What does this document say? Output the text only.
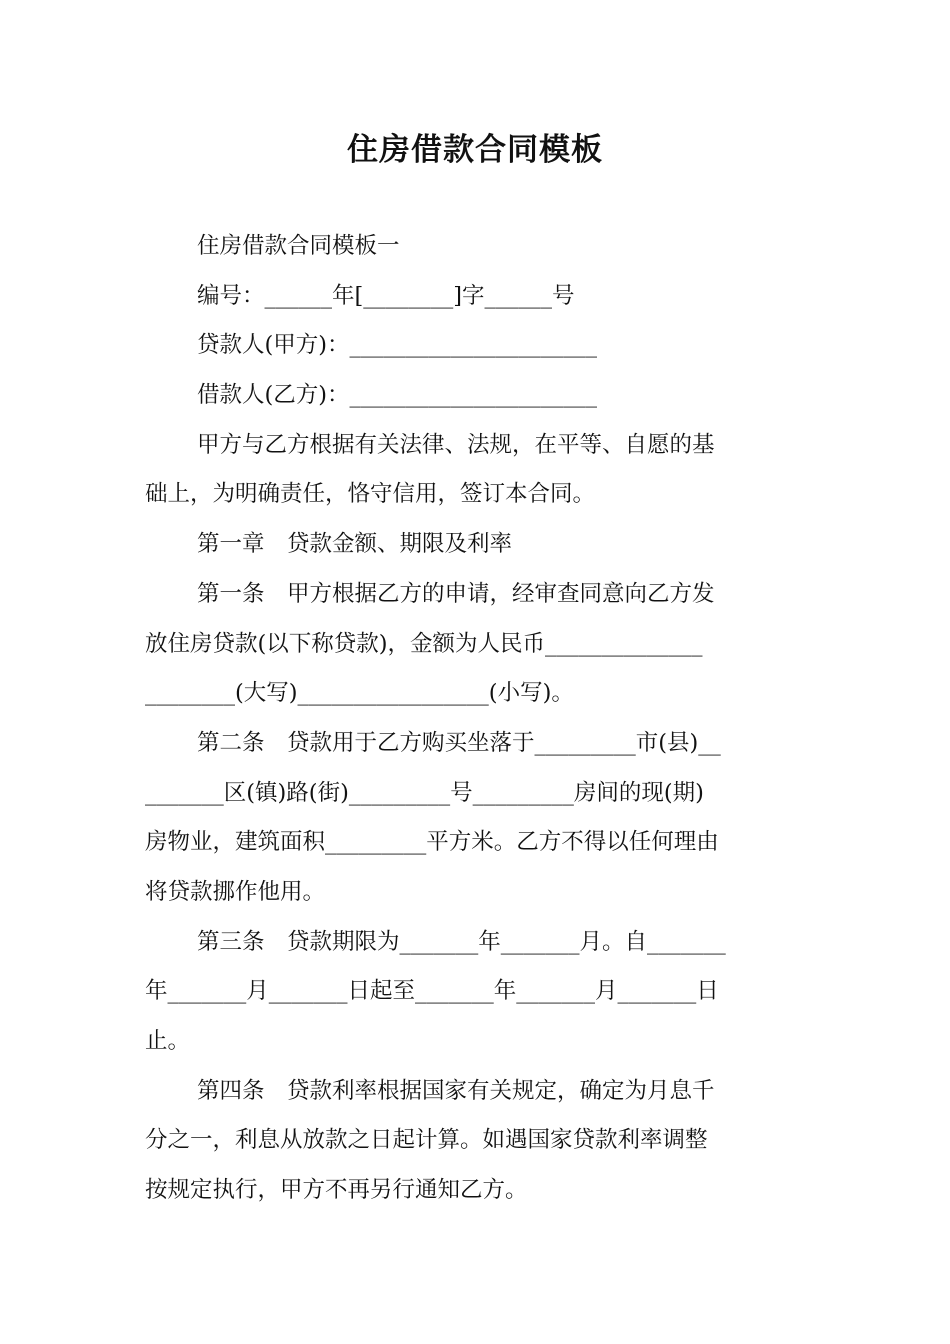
住房借款合同模板
住房借款合同模板一
编号：______年[________]字______号
贷款人(甲方)：______________________
借款人(乙方)：______________________
甲方与乙方根据有关法律、法规，在平等、自愿的基
础上，为明确责任，恪守信用，签订本合同。
第一章　贷款金额、期限及利率
第一条　甲方根据乙方的申请，经审查同意向乙方发
放住房贷款(以下称贷款)，金额为人民币______________
________(大写)_________________(小写)。
第二条　贷款用于乙方购买坐落于_________市(县)__
_______区(镇)路(街)_________号_________房间的现(期)
房物业，建筑面积_________平方米。乙方不得以任何理由
将贷款挪作他用。
第三条　贷款期限为_______年_______月。自_______
年_______月_______日起至_______年_______月_______日
止。
第四条　贷款利率根据国家有关规定，确定为月息千
分之一，利息从放款之日起计算。如遇国家贷款利率调整
按规定执行，甲方不再另行通知乙方。
